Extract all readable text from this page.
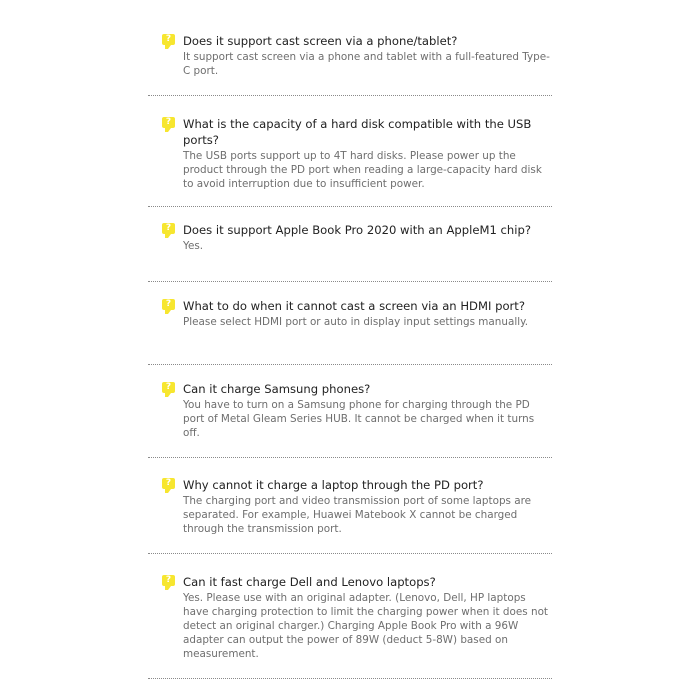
?	Does it support cast screen via a phone/tablet?

It support cast screen via a phone and tablet with a full-featured Type-C port.

?	What is the capacity of a hard disk compatible with the USB ports?

The USB ports support up to 4T hard disks. Please power up the product through the PD port when reading a large-capacity hard disk to avoid interruption due to insufficient power.

?	Does it support Apple Book Pro 2020 with an AppleM1 chip?

Yes.

?	What to do when it cannot cast a screen via an HDMI port?

Please select HDMI port or auto in display input settings manually.

?	Can it charge Samsung phones?

You have to turn on a Samsung phone for charging through the PD port of Metal Gleam Series HUB. It cannot be charged when it turns off.

?	Why cannot it charge a laptop through the PD port?

The charging port and video transmission port of some laptops are separated. For example, Huawei Matebook X cannot be charged through the transmission port.

?	Can it fast charge Dell and Lenovo laptops?

Yes. Please use with an original adapter. (Lenovo, Dell, HP laptops have charging protection to limit the charging power when it does not detect an original charger.) Charging Apple Book Pro with a 96W adapter can output the power of 89W (deduct 5-8W) based on measurement.
